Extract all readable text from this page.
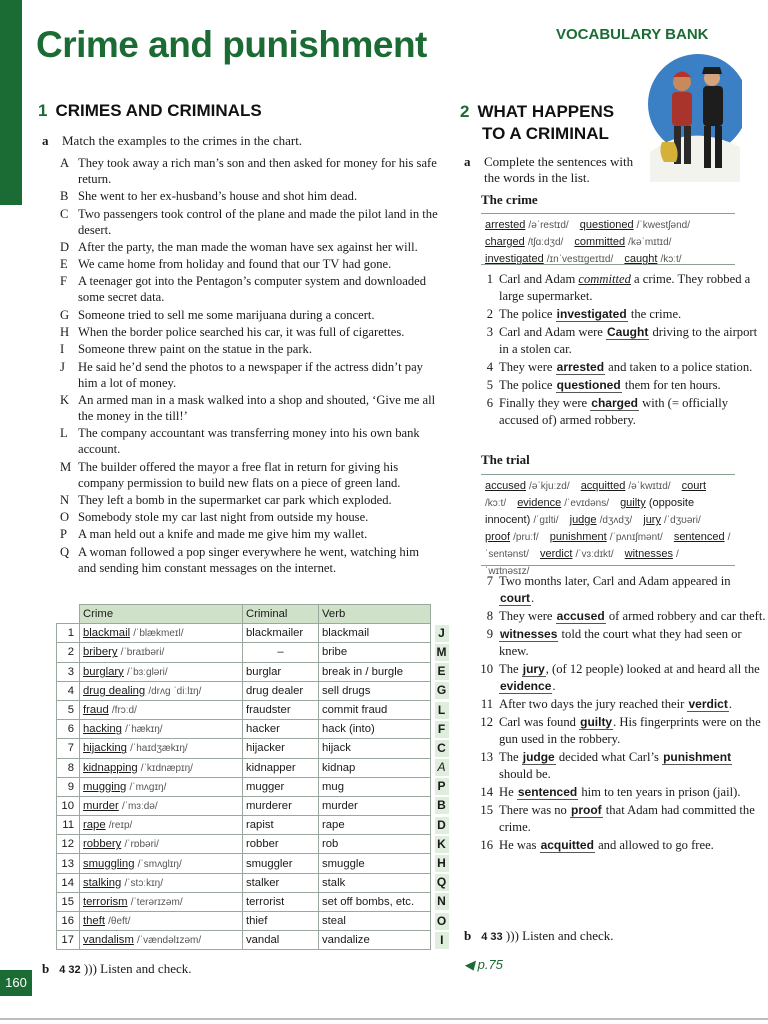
Crime and punishment	VOCABULARY BANK
1 CRIMES AND CRIMINALS
a Match the examples to the crimes in the chart.
A They took away a rich man’s son and then asked for money for his safe return.
B She went to her ex-husband’s house and shot him dead.
C Two passengers took control of the plane and made the pilot land in the desert.
D After the party, the man made the woman have sex against her will.
E We came home from holiday and found that our TV had gone.
F A teenager got into the Pentagon’s computer system and downloaded some secret data.
G Someone tried to sell me some marijuana during a concert.
H When the border police searched his car, it was full of cigarettes.
I	Someone threw paint on the statue in the park.
J	He said he’d send the photos to a newspaper if the actress didn’t pay him a lot of money.
K An armed man in a mask walked into a shop and shouted, ‘Give me all the money in the till!’
L The company accountant was transferring money into his own bank account.
M The builder offered the mayor a free flat in return for giving his company permission to build new flats on a piece of green land.
N They left a bomb in the supermarket car park which exploded.
O Somebody stole my car last night from outside my house.
P A man held out a knife and made me give him my wallet.
Q A woman followed a pop singer everywhere he went, watching him and sending him constant messages on the internet.
	Crime	Criminal	Verb	
1	blackmail /ˈblækmeɪl/	blackmailer	blackmail	J
2	bribery /ˈbraɪbəri/	–	bribe	M
3	burglary /ˈbɜːgləri/	burglar	break in / burgle	E
4	drug dealing /drʌg ˈdiːlɪŋ/	drug dealer	sell drugs	G
5	fraud /frɔːd/	fraudster	commit fraud	L
6	hacking /ˈhækɪŋ/	hacker	hack (into)	F
7	hijacking /ˈhaɪdʒækɪŋ/	hijacker	hijack	C
8	kidnapping /ˈkɪdnæpɪŋ/	kidnapper	kidnap	A
9	mugging /ˈmʌgɪŋ/	mugger	mug	P
10	murder /ˈmɜːdə/	murderer	murder	B
11	rape /reɪp/	rapist	rape	D
12	robbery /ˈrɒbəri/	robber	rob	K
13	smuggling /ˈsmʌglɪŋ/	smuggler	smuggle	H
14	stalking /ˈstɔːkɪŋ/	stalker	stalk	Q
15	terrorism /ˈterərɪzəm/	terrorist	set off bombs, etc.	N
16	theft /θeft/	thief	steal	O
17	vandalism /ˈvændəlɪzəm/	vandal	vandalize	I
b 4 32 ))) Listen and check.
2 WHAT HAPPENS
TO A CRIMINAL
a Complete the sentences with
the words in the list.
The crime
arrested /əˈrestɪd/ questioned /ˈkwestʃənd/ charged /tʃɑːdʒd/ committed /kəˈmɪtɪd/ investigated /ɪnˈvestɪgeɪtɪd/ caught /kɔːt/
1 Carl and Adam committed a crime. They robbed a large supermarket.
2 The police investigated the crime.
3 Carl and Adam were Caught driving to the airport in a stolen car.
4 They were arrested and taken to a police station.
5 The police questioned them for ten hours.
6 Finally they were charged with (= officially accused of) armed robbery.
The trial
accused /əˈkjuːzd/ acquitted /əˈkwɪtɪd/ court /kɔːt/ evidence /ˈevɪdəns/ guilty (opposite innocent) /ˈgɪlti/ judge /dʒʌdʒ/ jury /ˈdʒʊəri/ proof /pruːf/ punishment /ˈpʌnɪʃmənt/ sentenced /ˈsentənst/ verdict /ˈvɜːdɪkt/ witnesses /ˈwɪtnəsɪz/
7 Two months later, Carl and Adam appeared in court.
8 They were accused of armed robbery and car theft.
9 witnesses told the court what they had seen or knew.
10 The jury, (of 12 people) looked at and heard all the evidence.
11 After two days the jury reached their verdict.
12 Carl was found guilty. His fingerprints were on the gun used in the robbery.
13 The judge decided what Carl’s punishment should be.
14 He sentenced him to ten years in prison (jail).
15 There was no proof that Adam had committed the crime.
16 He was acquitted and allowed to go free.
b 4 33 ))) Listen and check.
◀ p.75
160
